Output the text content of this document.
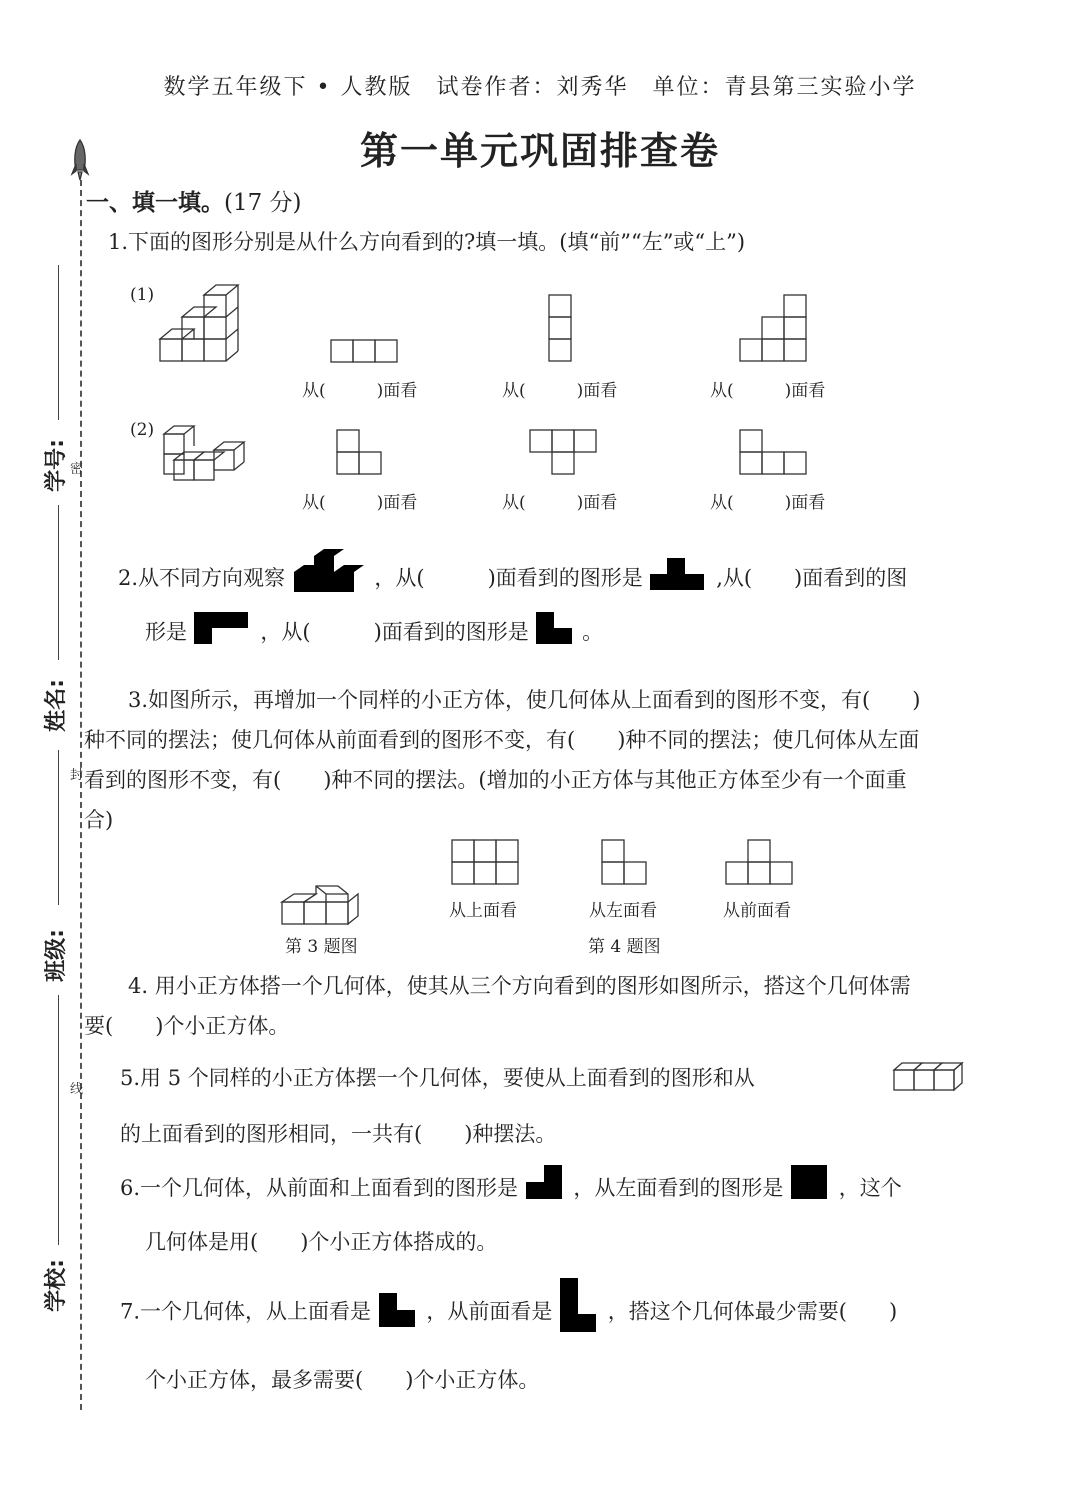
数学五年级下 • 人教版　试卷作者：刘秀华　单位：青县第三实验小学
第一单元巩固排查卷
学号:
姓名:
班级:
学校:
密
封
线
一、填一填。(17 分)
1.下面的图形分别是从什么方向看到的?填一填。(填“前”“左”或“上”)
(1)
(2)
从(　　　)面看	从(　　　)面看	从(　　　)面看
从(　　　)面看	从(　　　)面看	从(　　　)面看
2.从不同方向观察	，从(　　　)面看到的图形是	,从(　　)面看到的图
形是	，从(　　　)面看到的图形是	。
3.如图所示，再增加一个同样的小正方体，使几何体从上面看到的图形不变，有(　　)
种不同的摆法；使几何体从前面看到的图形不变，有(　　)种不同的摆法；使几何体从左面
看到的图形不变，有(　　)种不同的摆法。(增加的小正方体与其他正方体至少有一个面重
合)
第 3 题图
从上面看	从左面看	从前面看
第 4 题图
4. 用小正方体搭一个几何体，使其从三个方向看到的图形如图所示，搭这个几何体需
要(　　)个小正方体。
5.用 5 个同样的小正方体摆一个几何体，要使从上面看到的图形和从
的上面看到的图形相同，一共有(　　)种摆法。
6.一个几何体，从前面和上面看到的图形是	，从左面看到的图形是	，这个
几何体是用(　　)个小正方体搭成的。
7.一个几何体，从上面看是	，从前面看是	，搭这个几何体最少需要(　　)
个小正方体，最多需要(　　)个小正方体。
